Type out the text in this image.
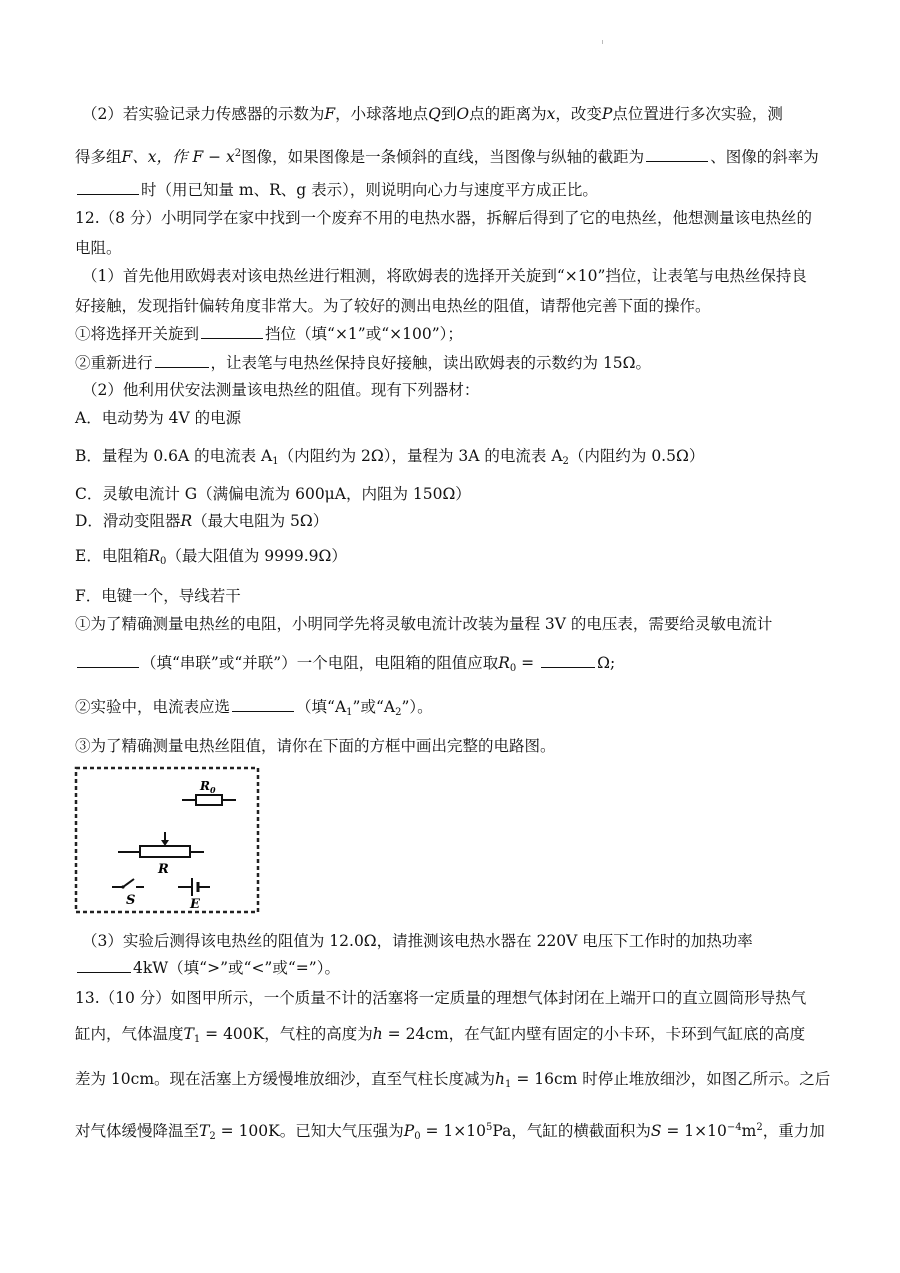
（2）若实验记录力传感器的示数为F，小球落地点Q到O点的距离为x，改变P点位置进行多次实验，测
得多组F、x，作 $F - x^2$图像，如果图像是一条倾斜的直线，当图像与纵轴的截距为	、图像的斜率为
时（用已知量 m、R、g 表示），则说明向心力与速度平方成正比。
12.（8 分）小明同学在家中找到一个废弃不用的电热水器，拆解后得到了它的电热丝，他想测量该电热丝的
电阻。
（1）首先他用欧姆表对该电热丝进行粗测，将欧姆表的选择开关旋到“×10”挡位，让表笔与电热丝保持良
好接触，发现指针偏转角度非常大。为了较好的测出电热丝的阻值，请帮他完善下面的操作。
①将选择开关旋到	挡位（填“×1”或“×100”）；
②重新进行	，让表笔与电热丝保持良好接触，读出欧姆表的示数约为 15Ω。
（2）他利用伏安法测量该电热丝的阻值。现有下列器材：
A．电动势为 4V 的电源
B．量程为 0.6A 的电流表 $A_1$（内阻约为 2Ω），量程为 3A 的电流表 $A_2$（内阻约为 0.5Ω）
C．灵敏电流计 G（满偏电流为 600μA，内阻为 150Ω）
D．滑动变阻器R（最大电阻为 5Ω）
E．电阻箱$R_0$（最大阻值为 9999.9Ω）
F．电键一个，导线若干
①为了精确测量电热丝的电阻，小明同学先将灵敏电流计改装为量程 3V 的电压表，需要给灵敏电流计
（填“串联”或“并联”）一个电阻，电阻箱的阻值应取$R_0$ =	Ω;
②实验中，电流表应选	（填“$A_1$”或“$A_2$”）。
③为了精确测量电热丝阻值，请你在下面的方框中画出完整的电路图。
$R_0$
R
S	E
（3）实验后测得该电热丝的阻值为 12.0Ω，请推测该电热水器在 220V 电压下工作时的加热功率
4kW（填“>”或“<”或“=”）。
13.（10 分）如图甲所示，一个质量不计的活塞将一定质量的理想气体封闭在上端开口的直立圆筒形导热气
缸内，气体温度$T_1 = 400K$，气柱的高度为h = 24cm，在气缸内壁有固定的小卡环，卡环到气缸底的高度
差为 10cm。现在活塞上方缓慢堆放细沙，直至气柱长度减为$h_1 = 16cm$ 时停止堆放细沙，如图乙所示。之后
对气体缓慢降温至$T_2 = 100K$。已知大气压强为$P_0 = 1\times 10^5Pa$，气缸的横截面积为$S = 1\times 10^{-4}m^2$，重力加
